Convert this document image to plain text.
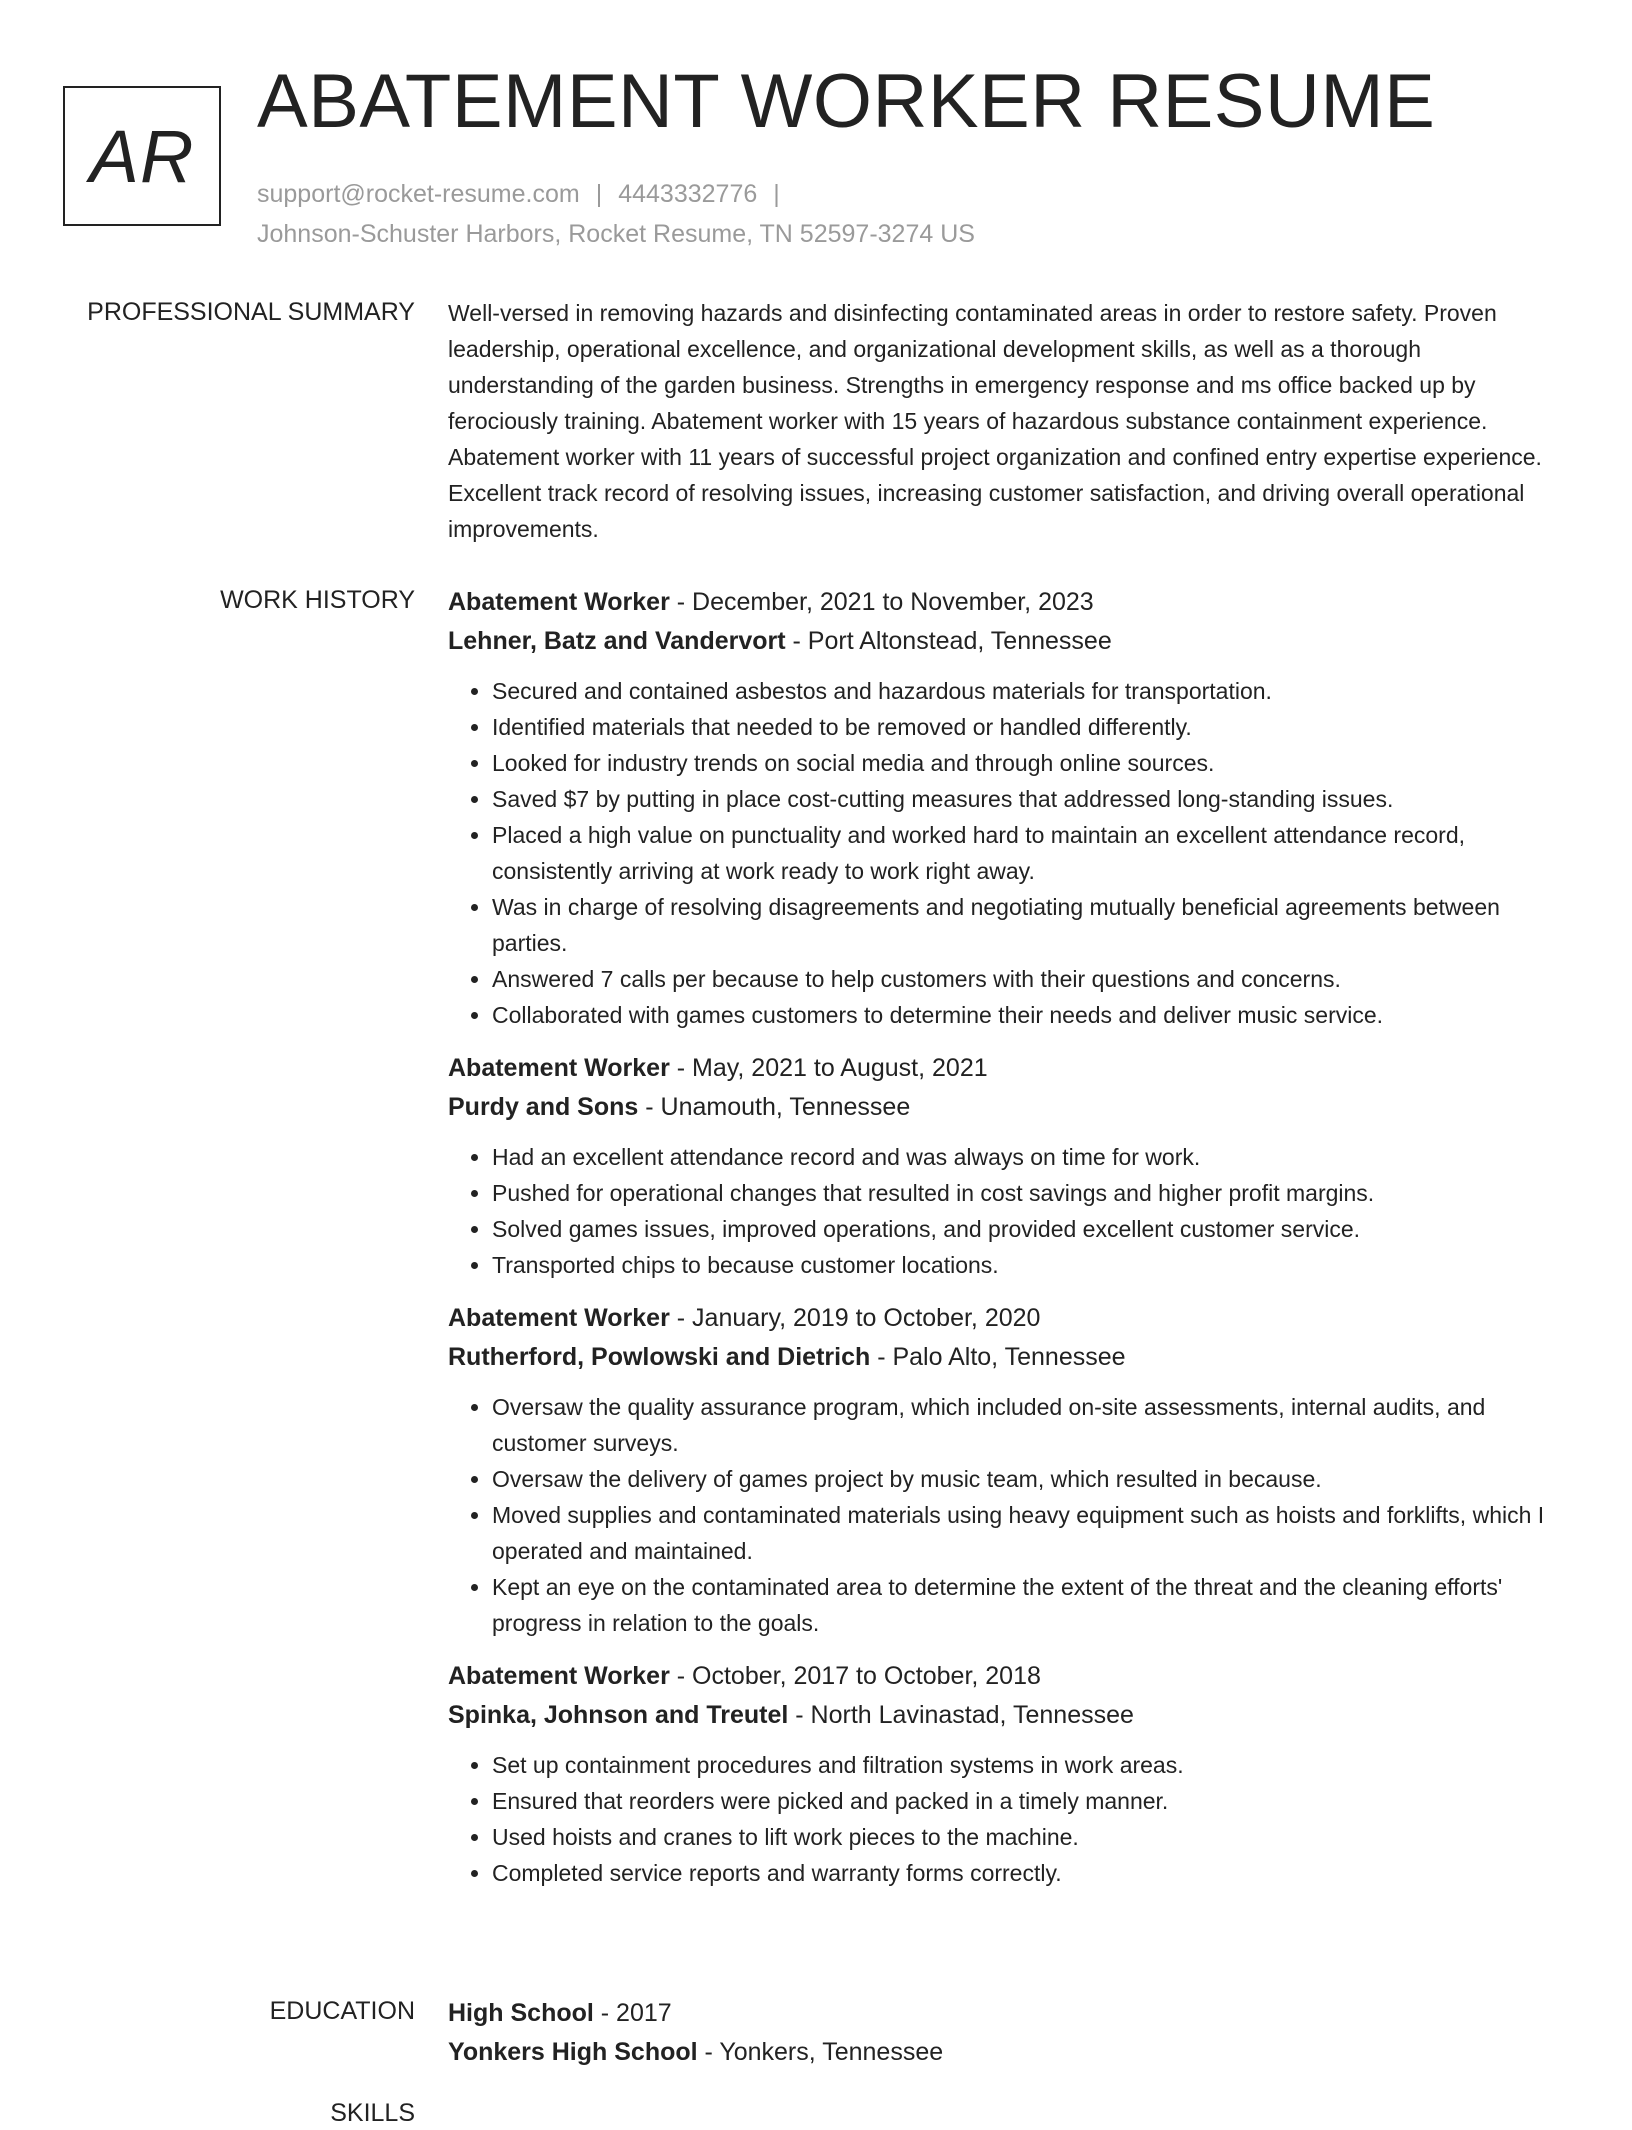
AR
ABATEMENT WORKER RESUME
support@rocket-resume.com | 4443332776 |
Johnson-Schuster Harbors, Rocket Resume, TN 52597-3274 US
PROFESSIONAL SUMMARY Well-versed in removing hazards and disinfecting contaminated areas in order to restore safety. Proven leadership, operational excellence, and organizational development skills, as well as a thorough understanding of the garden business. Strengths in emergency response and ms office backed up by ferociously training. Abatement worker with 15 years of hazardous substance containment experience. Abatement worker with 11 years of successful project organization and confined entry expertise experience. Excellent track record of resolving issues, increasing customer satisfaction, and driving overall operational improvements.

WORK HISTORY Abatement Worker - December, 2021 to November, 2023
Lehner, Batz and Vandervort - Port Altonstead, Tennessee
• Secured and contained asbestos and hazardous materials for transportation.
• Identified materials that needed to be removed or handled differently.
• Looked for industry trends on social media and through online sources.
• Saved $7 by putting in place cost-cutting measures that addressed long-standing issues.
• Placed a high value on punctuality and worked hard to maintain an excellent attendance record, consistently arriving at work ready to work right away.
• Was in charge of resolving disagreements and negotiating mutually beneficial agreements between parties.
• Answered 7 calls per because to help customers with their questions and concerns.
• Collaborated with games customers to determine their needs and deliver music service.
Abatement Worker - May, 2021 to August, 2021
Purdy and Sons - Unamouth, Tennessee
• Had an excellent attendance record and was always on time for work.
• Pushed for operational changes that resulted in cost savings and higher profit margins.
• Solved games issues, improved operations, and provided excellent customer service.
• Transported chips to because customer locations.
Abatement Worker - January, 2019 to October, 2020
Rutherford, Powlowski and Dietrich - Palo Alto, Tennessee
• Oversaw the quality assurance program, which included on-site assessments, internal audits, and customer surveys.
• Oversaw the delivery of games project by music team, which resulted in because.
• Moved supplies and contaminated materials using heavy equipment such as hoists and forklifts, which I operated and maintained.
• Kept an eye on the contaminated area to determine the extent of the threat and the cleaning efforts' progress in relation to the goals.
Abatement Worker - October, 2017 to October, 2018
Spinka, Johnson and Treutel - North Lavinastad, Tennessee
• Set up containment procedures and filtration systems in work areas.
• Ensured that reorders were picked and packed in a timely manner.
• Used hoists and cranes to lift work pieces to the machine.
• Completed service reports and warranty forms correctly.
EDUCATION High School - 2017
Yonkers High School - Yonkers, Tennessee
SKILLS
